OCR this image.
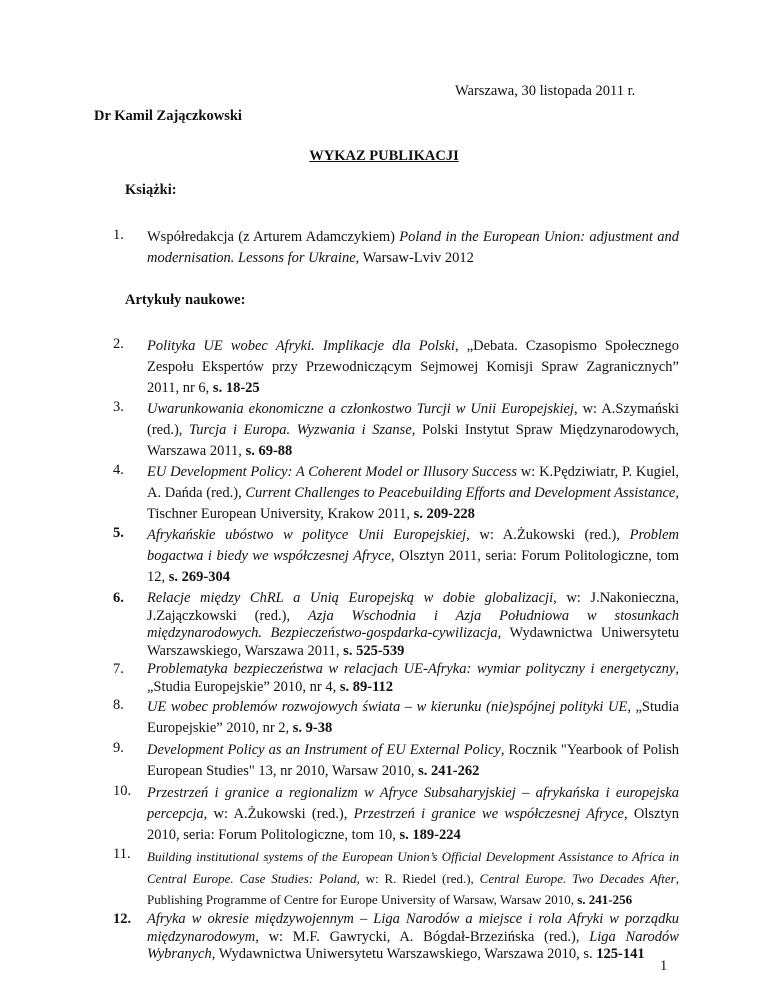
Warszawa, 30 listopada 2011 r.
Dr Kamil Zajączkowski
WYKAZ PUBLIKACJI
Książki:
1.	Współredakcja (z Arturem Adamczykiem) Poland in the European Union: adjustment and modernisation. Lessons for Ukraine, Warsaw-Lviv 2012
Artykuły naukowe:
2.	Polityka UE wobec Afryki. Implikacje dla Polski, „Debata. Czasopismo Społecznego Zespołu Ekspertów przy Przewodniczącym Sejmowej Komisji Spraw Zagranicznych” 2011, nr 6, s. 18-25
3.	Uwarunkowania ekonomiczne a członkostwo Turcji w Unii Europejskiej, w: A.Szymański (red.), Turcja i Europa. Wyzwania i Szanse, Polski Instytut Spraw Międzynarodowych, Warszawa 2011, s. 69-88
4.	EU Development Policy: A Coherent Model or Illusory Success w: K.Pędziwiatr, P. Kugiel, A. Dańda (red.), Current Challenges to Peacebuilding Efforts and Development Assistance, Tischner European University, Krakow 2011, s. 209-228
5.	Afrykańskie ubóstwo w polityce Unii Europejskiej, w: A.Żukowski (red.), Problem bogactwa i biedy we współczesnej Afryce, Olsztyn 2011, seria: Forum Politologiczne, tom 12, s. 269-304
6.	Relacje między ChRL a Unią Europejską w dobie globalizacji, w: J.Nakonieczna, J.Zajączkowski (red.), Azja Wschodnia i Azja Południowa w stosunkach międzynarodowych. Bezpieczeństwo-gospdarka-cywilizacja, Wydawnictwa Uniwersytetu Warszawskiego, Warszawa 2011, s. 525-539
7.	Problematyka bezpieczeństwa w relacjach UE-Afryka: wymiar polityczny i energetyczny, „Studia Europejskie” 2010, nr 4, s. 89-112
8.	UE wobec problemów rozwojowych świata – w kierunku (nie)spójnej polityki UE, „Studia Europejskie” 2010, nr 2, s. 9-38
9.	Development Policy as an Instrument of EU External Policy, Rocznik "Yearbook of Polish European Studies" 13, nr 2010, Warsaw 2010, s. 241-262
10.	Przestrzeń i granice a regionalizm w Afryce Subsaharyjskiej – afrykańska i europejska percepcja, w: A.Żukowski (red.), Przestrzeń i granice we współczesnej Afryce, Olsztyn 2010, seria: Forum Politologiczne, tom 10, s. 189-224
11.	Building institutional systems of the European Union’s Official Development Assistance to Africa in Central Europe. Case Studies: Poland, w: R. Riedel (red.), Central Europe. Two Decades After, Publishing Programme of Centre for Europe University of Warsaw, Warsaw 2010, s. 241-256
12.	Afryka w okresie międzywojennym – Liga Narodów a miejsce i rola Afryki w porządku międzynarodowym, w: M.F. Gawrycki, A. Bógdał-Brzezińska (red.), Liga Narodów Wybranych, Wydawnictwa Uniwersytetu Warszawskiego, Warszawa 2010, s. 125-141
1
